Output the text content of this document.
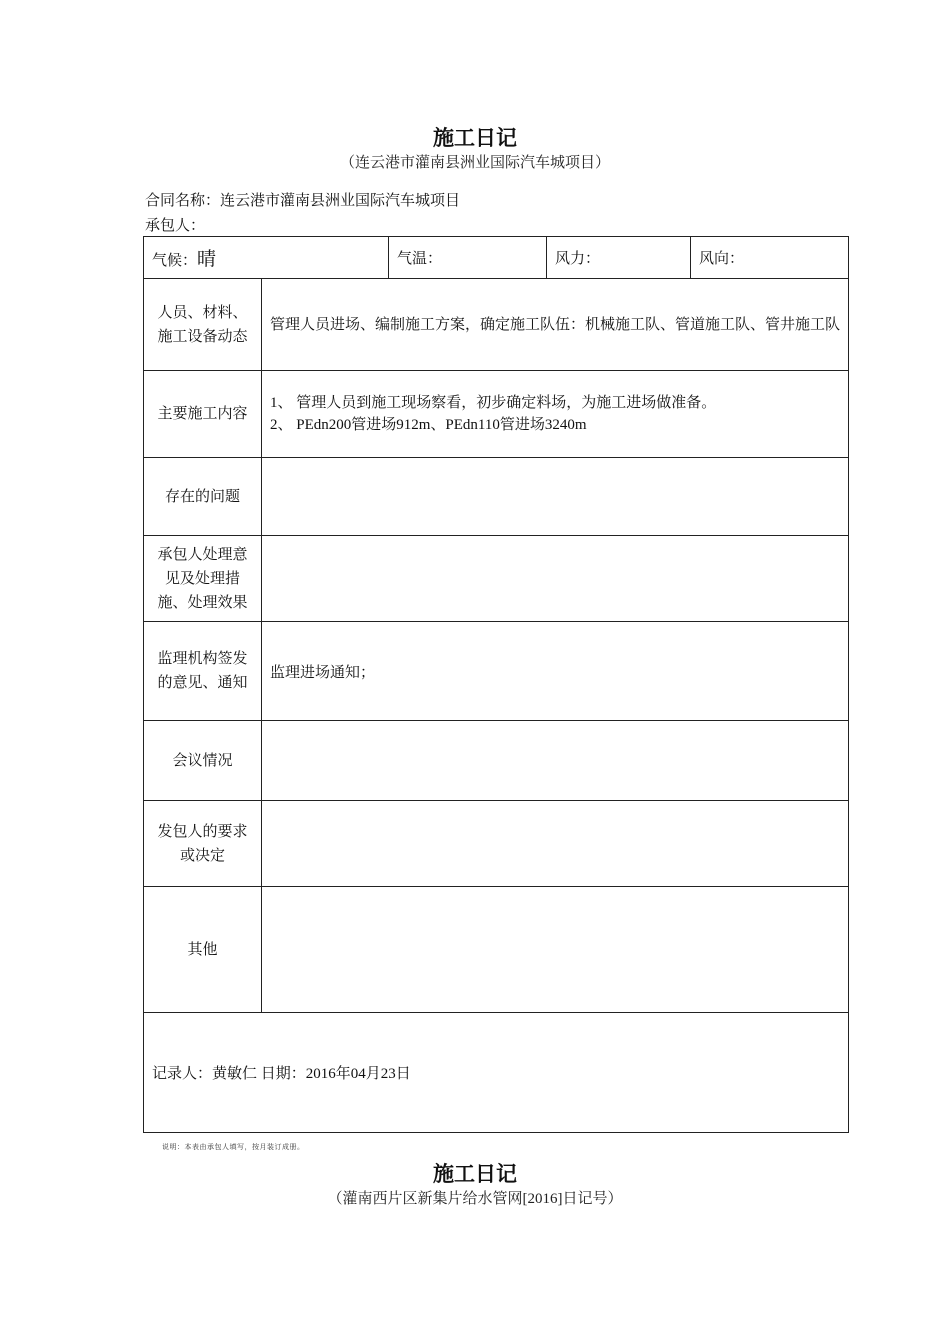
施工日记
（连云港市灌南县洲业国际汽车城项目）
合同名称：连云港市灌南县洲业国际汽车城项目
承包人：
气候：晴		气温：	风力：	风向：
人员、材料、施工设备动态	管理人员进场、编制施工方案，确定施工队伍：机械施工队、管道施工队、管井施工队			
主要施工内容	1、 管理人员到施工现场察看，初步确定料场，为施工进场做准备。
2、 PEdn200管进场912m、PEdn110管进场3240m			

存在的问题				
承包人处理意见及处理措施、处理效果				
监理机构签发的意见、通知	监理进场通知；			
会议情况				
发包人的要求或决定				
其他				
记录人：黄敏仁 日期：2016年04月23日				
说明：本表由承包人填写，按月装订成册。
施工日记
（灌南西片区新集片给水管网[2016]日记号）
